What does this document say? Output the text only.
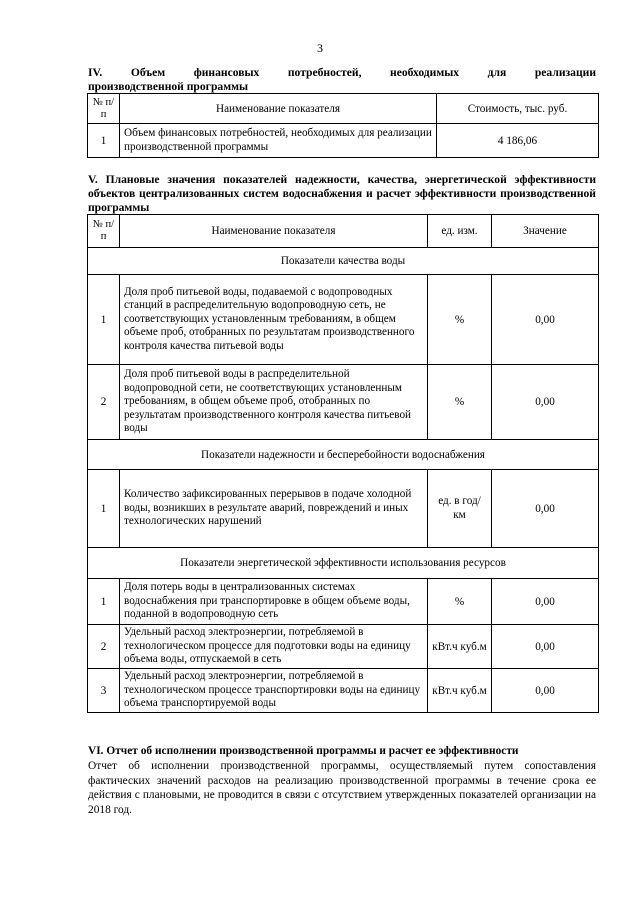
3
IV. Объем финансовых потребностей, необходимых для реализации
производственной программы
№ п/п	Наименование показателя	Стоимость, тыс. руб.
1	Объем финансовых потребностей, необходимых для реализации производственной программы	4 186,06
V. Плановые значения показателей надежности, качества, энергетической эффективности объектов централизованных систем водоснабжения и расчет эффективности производственной программы
№ п/п	Наименование показателя	ед. изм.	Значение
Показатели качества воды			
1	Доля проб питьевой воды, подаваемой с водопроводных станций в распределительную водопроводную сеть, не соответствующих установленным требованиям, в общем объеме проб, отобранных по результатам производственного контроля качества питьевой воды	%	0,00
2	Доля проб питьевой воды в распределительной водопроводной сети, не соответствующих установленным требованиям, в общем объеме проб, отобранных по результатам производственного контроля качества питьевой воды	%	0,00
Показатели надежности и бесперебойности водоснабжения			
1	Количество зафиксированных перерывов в подаче холодной воды, возникших в результате аварий, повреждений и иных технологических нарушений	ед. в год/ км	0,00
Показатели энергетической эффективности использования ресурсов			
1	Доля потерь воды в централизованных системах водоснабжения при транспортировке в общем объеме воды, поданной в водопроводную сеть	%	0,00
2	Удельный расход электроэнергии, потребляемой в технологическом процессе для подготовки воды на единицу объема воды, отпускаемой в сеть	кВт.ч куб.м	0,00
3	Удельный расход электроэнергии, потребляемой в технологическом процессе транспортировки воды на единицу объема транспортируемой воды	кВт.ч куб.м	0,00
VI. Отчет об исполнении производственной программы и расчет ее эффективности
Отчет об исполнении производственной программы, осуществляемый путем сопоставления фактических значений расходов на реализацию производственной программы в течение срока ее действия с плановыми, не проводится в связи с отсутствием утвержденных показателей организации на 2018 год.
